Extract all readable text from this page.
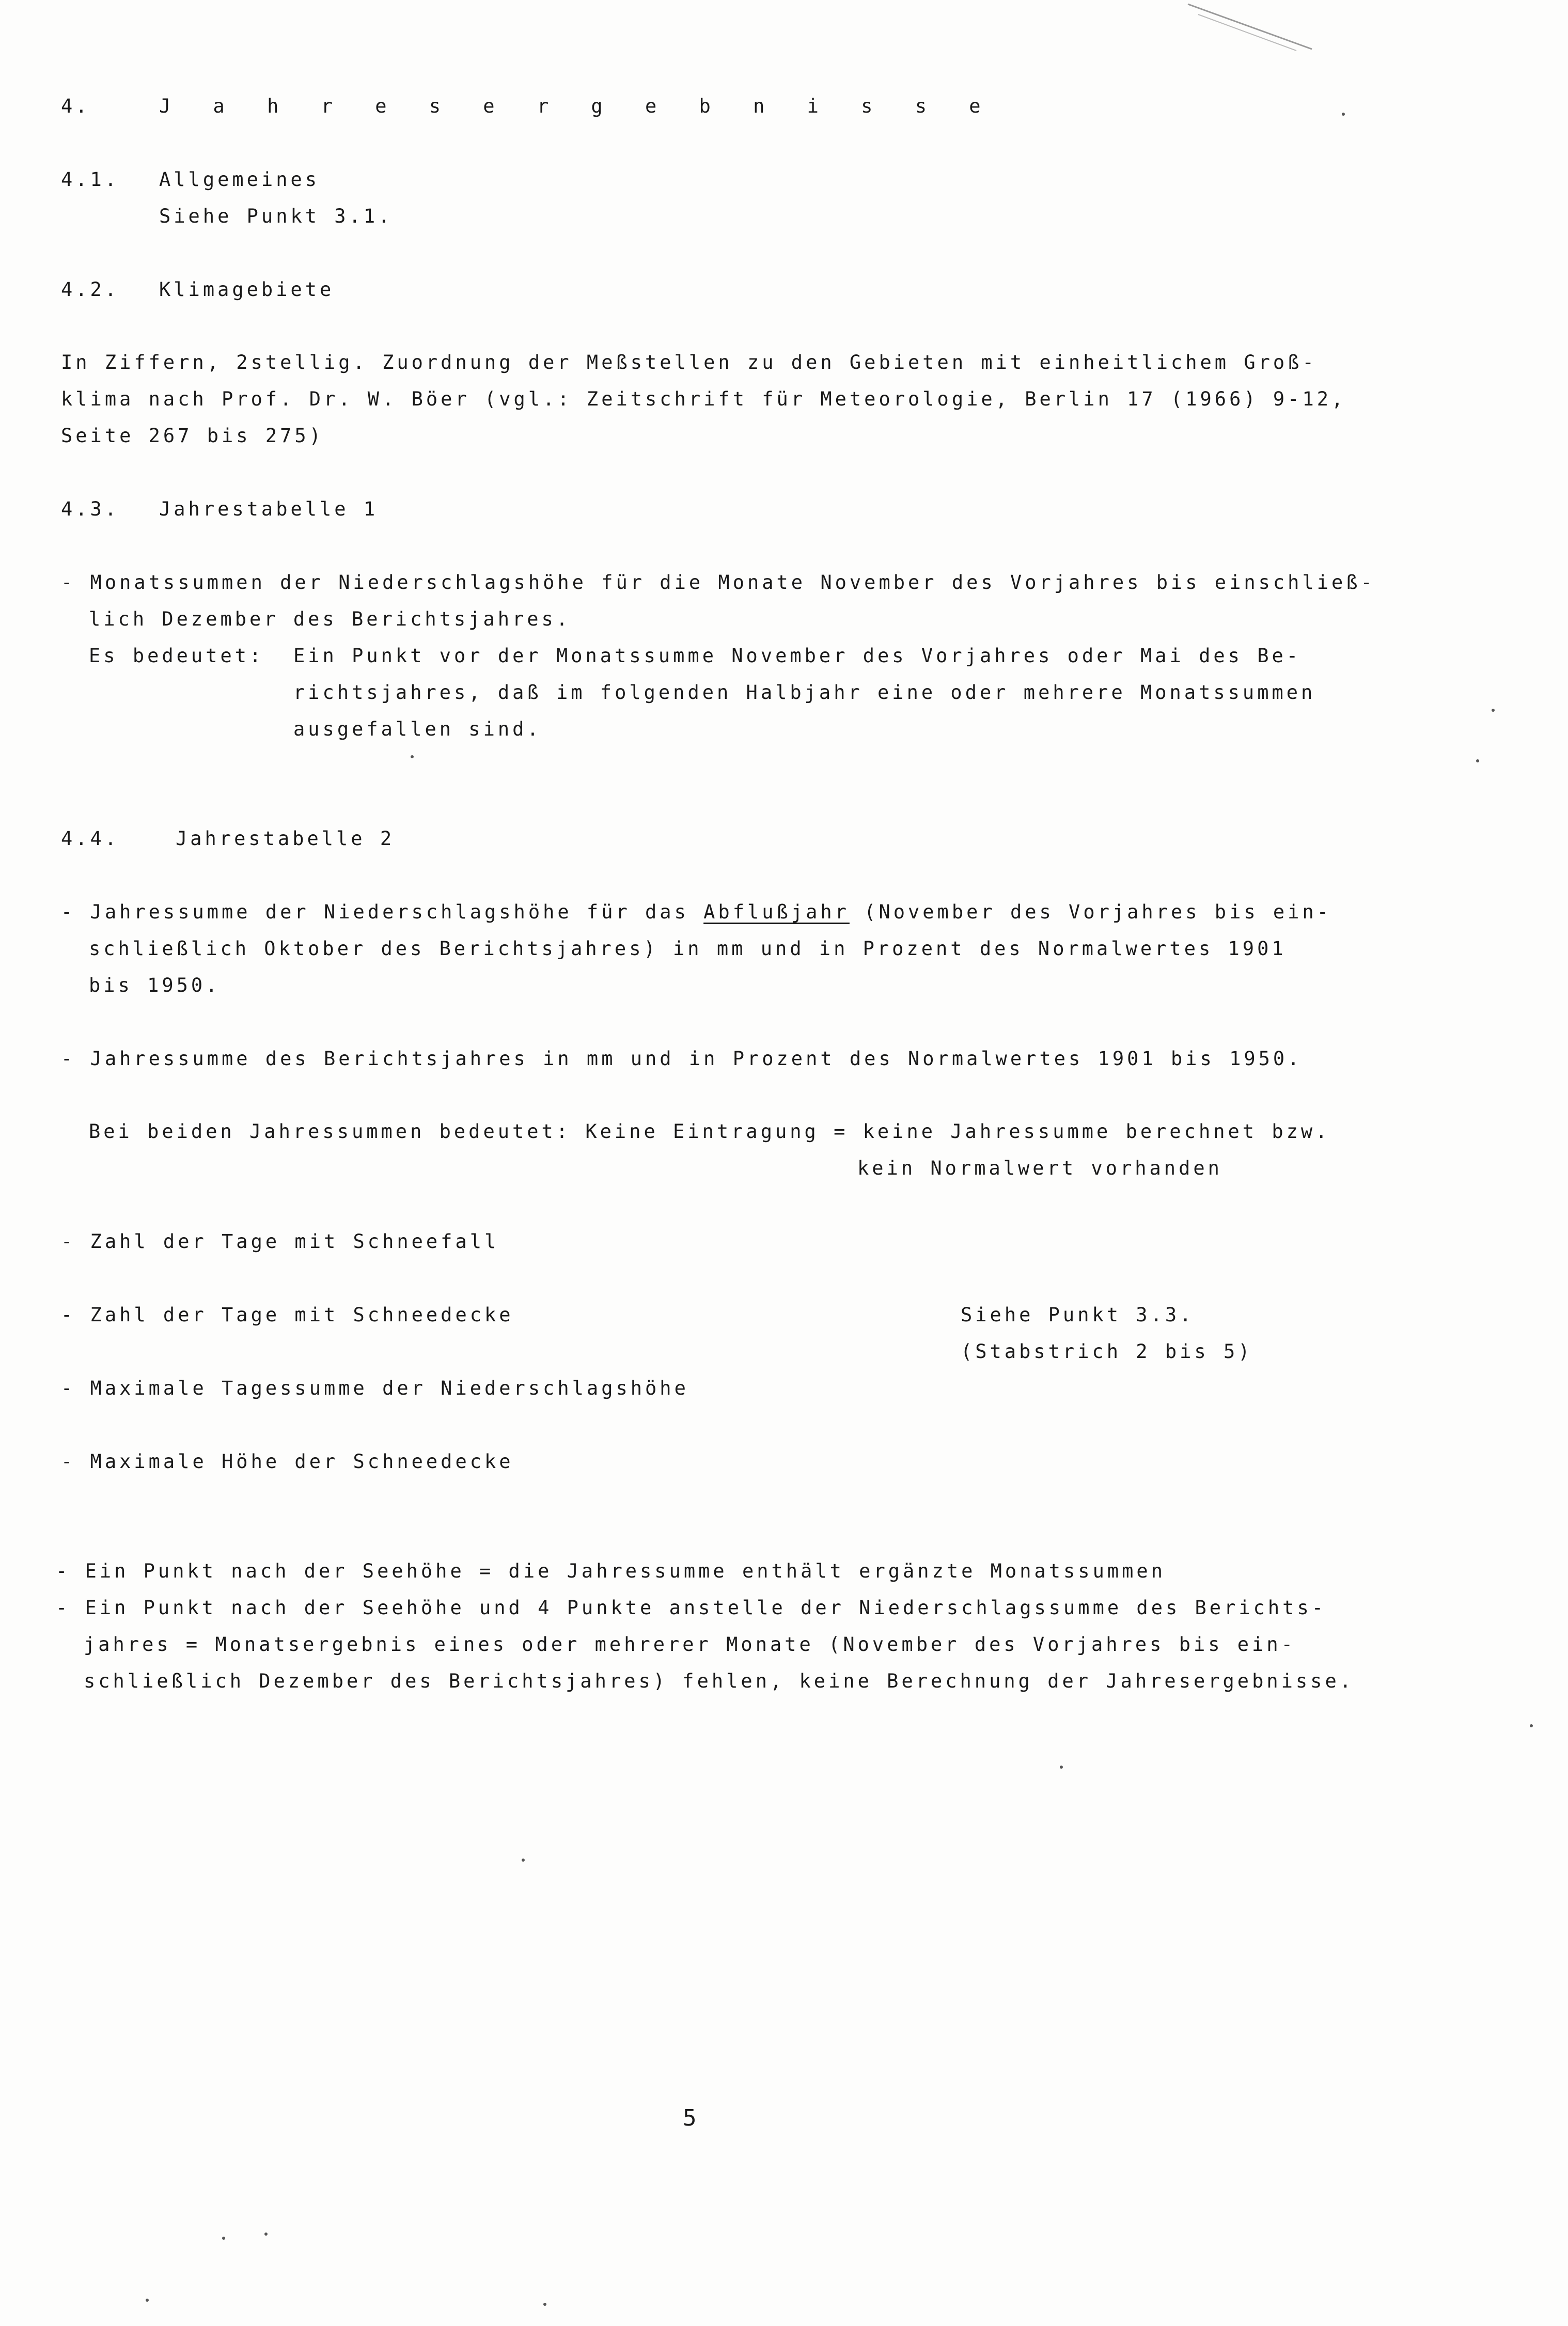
4.	J a h r e s e r g e b n i s s e
4.1. Allgemeines
Siehe Punkt 3.1.
4.2. Klimagebiete
In Ziffern, 2stellig. Zuordnung der Meßstellen zu den Gebieten mit einheitlichem Groß-
klima nach Prof. Dr. W. Böer (vgl.: Zeitschrift für Meteorologie, Berlin 17 (1966) 9-12,
Seite 267 bis 275)
4.3. Jahrestabelle 1
- Monatssummen der Niederschlagshöhe für die Monate November des Vorjahres bis einschließ-
lich Dezember des Berichtsjahres.
Es bedeutet: Ein Punkt vor der Monatssumme November des Vorjahres oder Mai des Be-
richtsjahres, daß im folgenden Halbjahr eine oder mehrere Monatssummen
ausgefallen sind.
4.4.	Jahrestabelle 2
- Jahressumme der Niederschlagshöhe für das Abflußjahr (November des Vorjahres bis ein-
schließlich Oktober des Berichtsjahres) in mm und in Prozent des Normalwertes 1901
bis 1950.
- Jahressumme des Berichtsjahres in mm und in Prozent des Normalwertes 1901 bis 1950.
Bei beiden Jahressummen bedeutet: Keine Eintragung = keine Jahressumme berechnet bzw.
kein Normalwert vorhanden
- Zahl der Tage mit Schneefall
- Zahl der Tage mit Schneedecke	Siehe Punkt 3.3.
(Stabstrich 2 bis 5)
- Maximale Tagessumme der Niederschlagshöhe
- Maximale Höhe der Schneedecke
- Ein Punkt nach der Seehöhe = die Jahressumme enthält ergänzte Monatssummen
- Ein Punkt nach der Seehöhe und 4 Punkte anstelle der Niederschlagssumme des Berichts-
jahres = Monatsergebnis eines oder mehrerer Monate (November des Vorjahres bis ein-
schließlich Dezember des Berichtsjahres) fehlen, keine Berechnung der Jahresergebnisse.
5
